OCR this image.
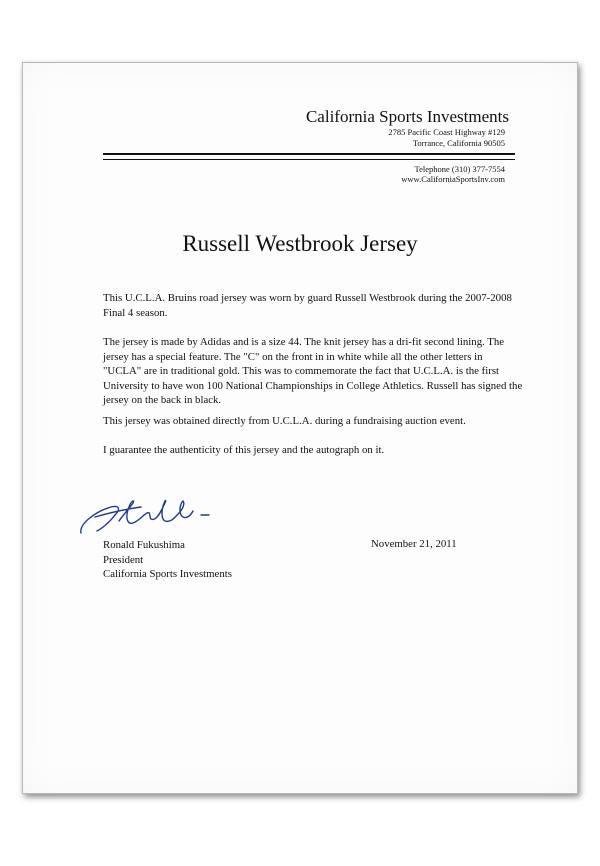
California Sports Investments
2785 Pacific Coast Highway #129
Torrance, California 90505
Telephone (310) 377-7554
www.CaliforniaSportsInv.com
Russell Westbrook Jersey

This U.C.L.A. Bruins road jersey was worn by guard Russell Westbrook during the 2007-2008 Final 4 season.

The jersey is made by Adidas and is a size 44. The knit jersey has a dri-fit second lining. The jersey has a special feature. The "C" on the front in in white while all the other letters in "UCLA" are in traditional gold. This was to commemorate the fact that U.C.L.A. is the first University to have won 100 National Championships in College Athletics. Russell has signed the jersey on the back in black.

This jersey was obtained directly from U.C.L.A. during a fundraising auction event.

I guarantee the authenticity of this jersey and the autograph on it.

Ronald Fukushima
President
California Sports Investments
November 21, 2011
